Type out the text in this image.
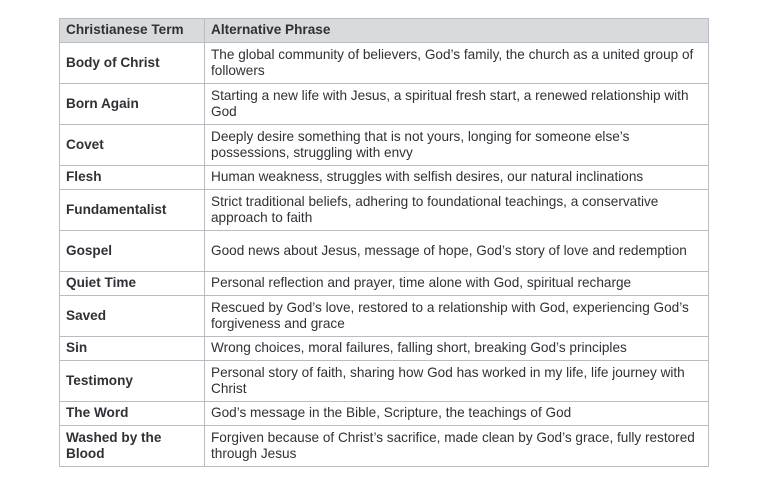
Christianese Term	Alternative Phrase
Body of Christ	The global community of believers, God’s family, the church as a united group of followers
Born Again	Starting a new life with Jesus, a spiritual fresh start, a renewed relationship with God
Covet	Deeply desire something that is not yours, longing for someone else’s possessions, struggling with envy
Flesh	Human weakness, struggles with selfish desires, our natural inclinations
Fundamentalist	Strict traditional beliefs, adhering to foundational teachings, a conservative approach to faith
Gospel	Good news about Jesus, message of hope, God’s story of love and redemption
Quiet Time	Personal reflection and prayer, time alone with God, spiritual recharge
Saved	Rescued by God’s love, restored to a relationship with God, experiencing God’s forgiveness and grace
Sin	Wrong choices, moral failures, falling short, breaking God’s principles
Testimony	Personal story of faith, sharing how God has worked in my life, life journey with Christ
The Word	God’s message in the Bible, Scripture, the teachings of God
Washed by the Blood	Forgiven because of Christ’s sacrifice, made clean by God’s grace, fully restored through Jesus
